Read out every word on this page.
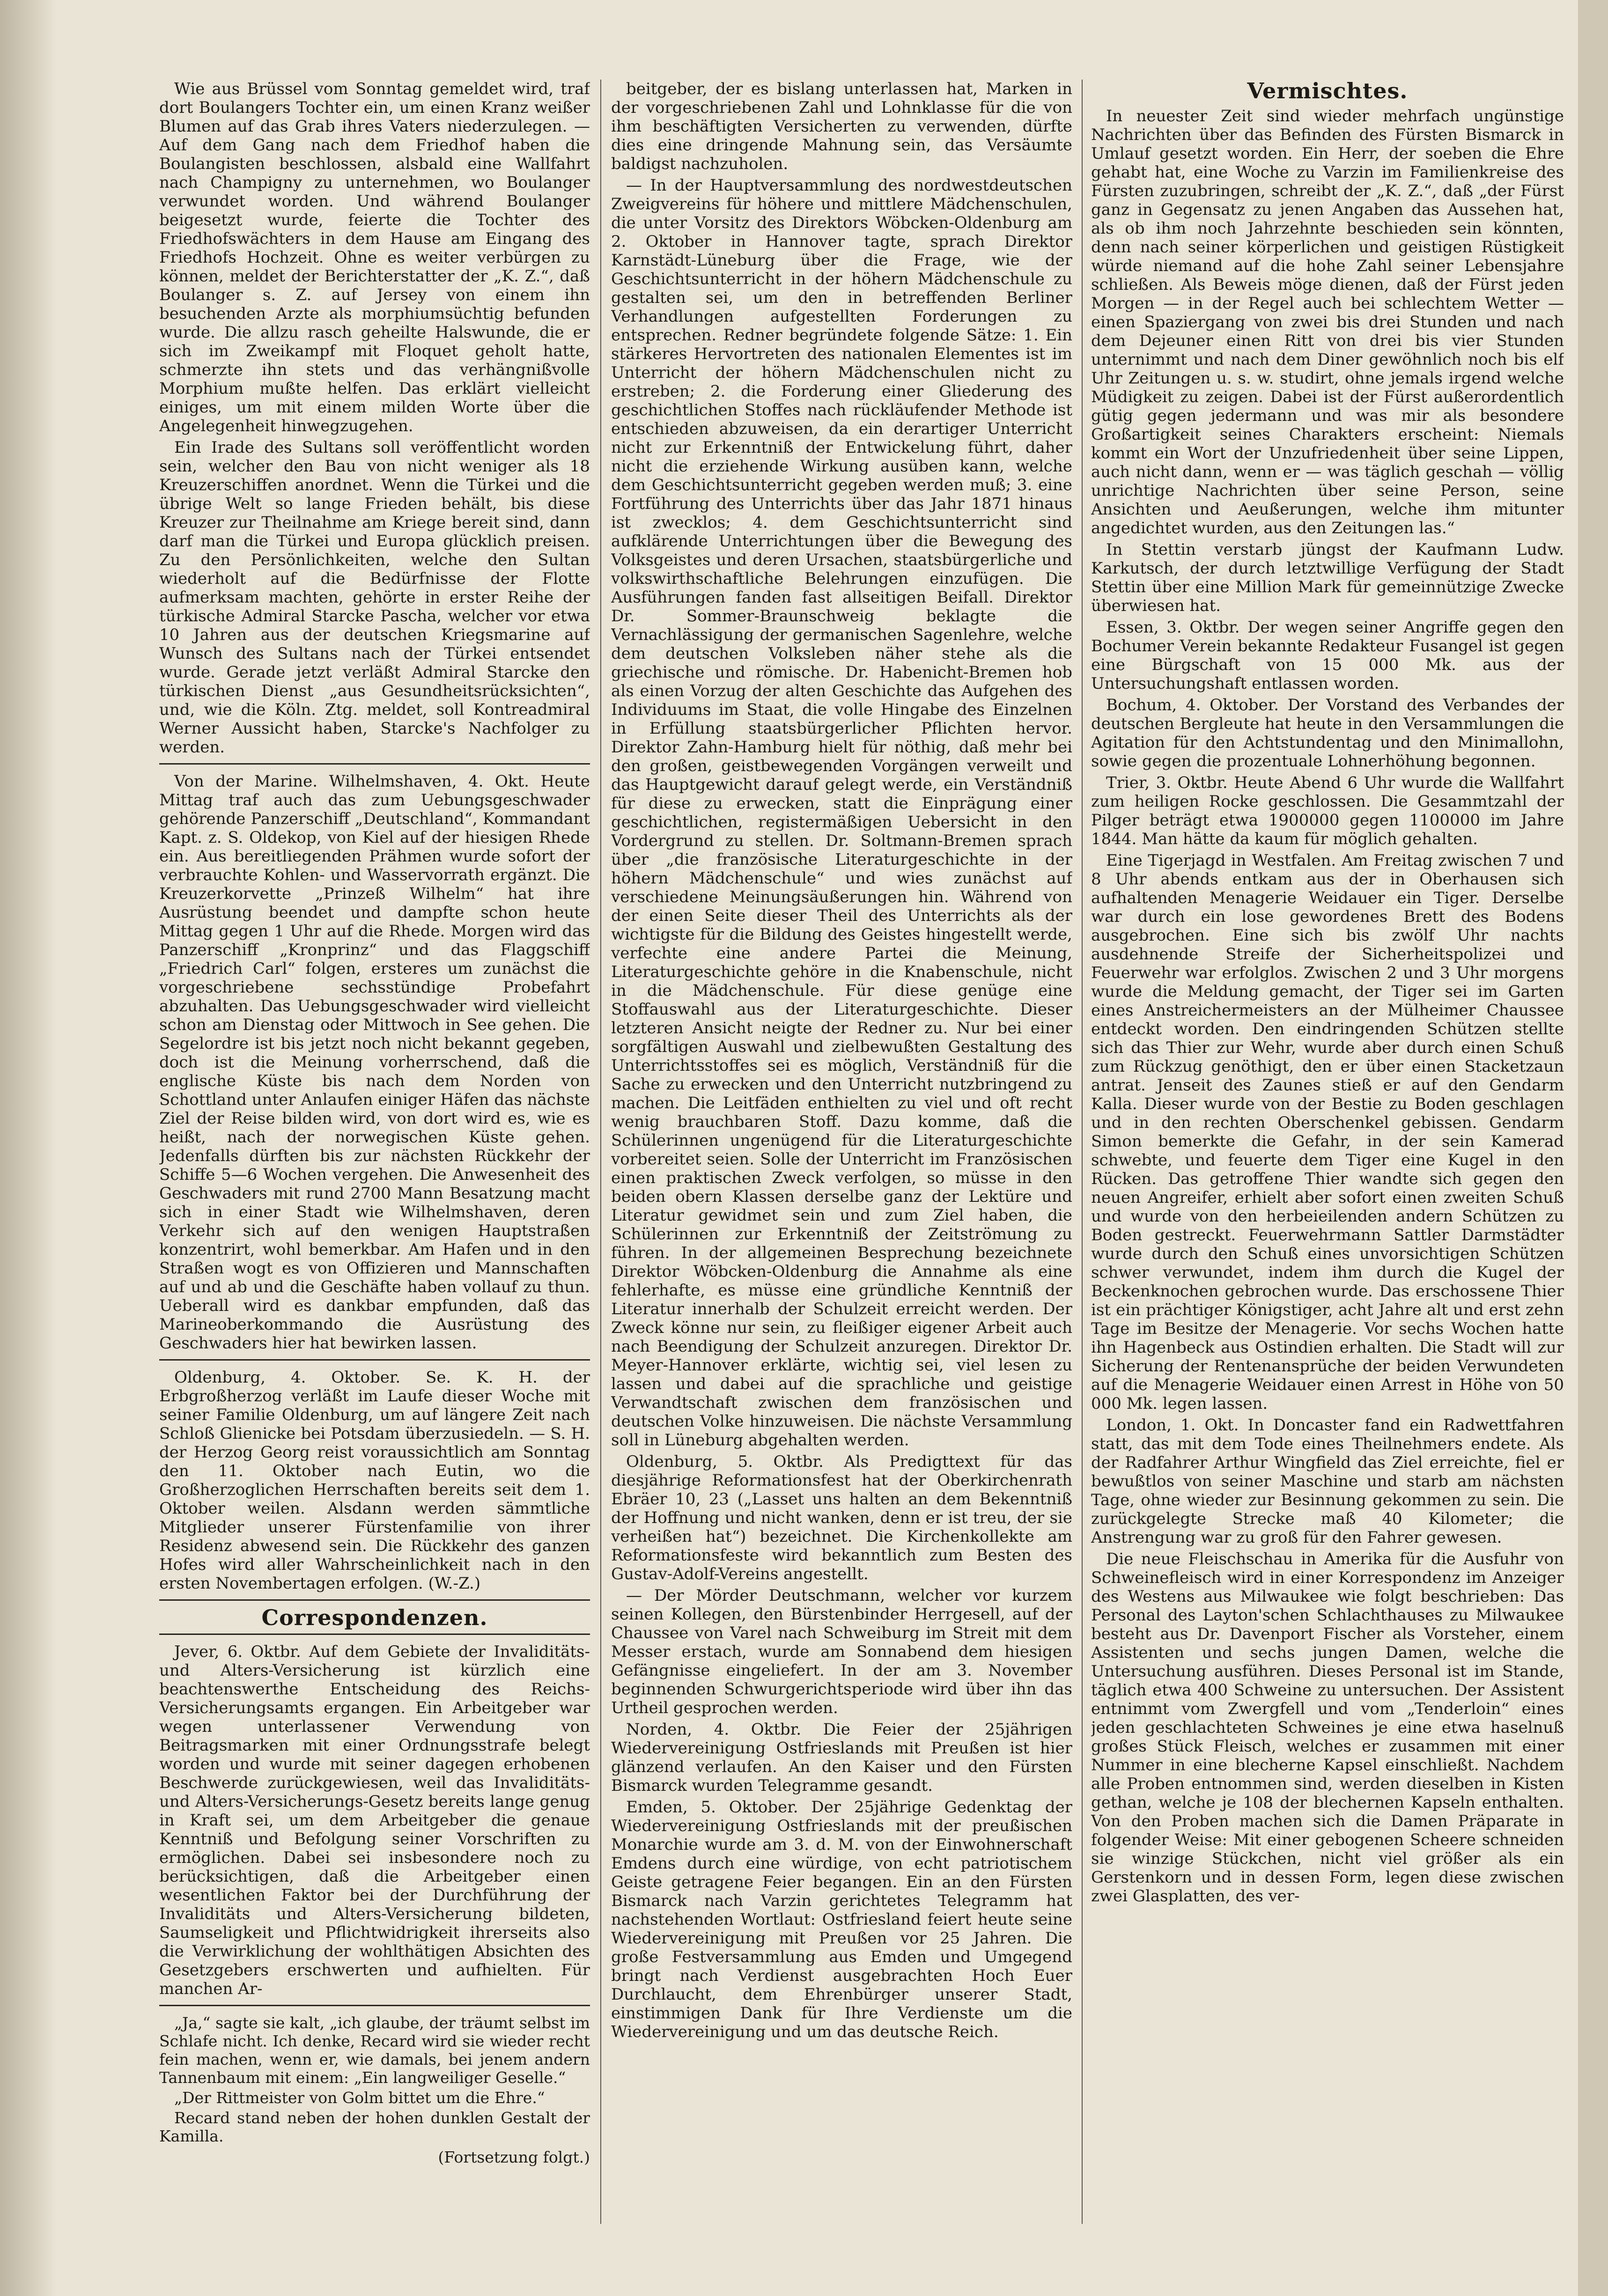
Wie aus Brüssel vom Sonntag gemeldet wird, traf dort Boulangers Tochter ein, um einen Kranz weißer Blumen auf das Grab ihres Vaters niederzulegen. — Auf dem Gang nach dem Friedhof haben die Boulangisten beschlossen, alsbald eine Wallfahrt nach Champigny zu unternehmen, wo Boulanger verwundet worden. Und während Boulanger beigesetzt wurde, feierte die Tochter des Friedhofswächters in dem Hause am Eingang des Friedhofs Hochzeit. Ohne es weiter verbürgen zu können, meldet der Berichterstatter der „K. Z.“, daß Boulanger s. Z. auf Jersey von einem ihn besuchenden Arzte als morphiumsüchtig befunden wurde. Die allzu rasch geheilte Halswunde, die er sich im Zweikampf mit Floquet geholt hatte, schmerzte ihn stets und das verhängnißvolle Morphium mußte helfen. Das erklärt vielleicht einiges, um mit einem milden Worte über die Angelegenheit hinwegzugehen.

Ein Irade des Sultans soll veröffentlicht worden sein, welcher den Bau von nicht weniger als 18 Kreuzerschiffen anordnet. Wenn die Türkei und die übrige Welt so lange Frieden behält, bis diese Kreuzer zur Theilnahme am Kriege bereit sind, dann darf man die Türkei und Europa glücklich preisen. Zu den Persönlichkeiten, welche den Sultan wiederholt auf die Bedürfnisse der Flotte aufmerksam machten, gehörte in erster Reihe der türkische Admiral Starcke Pascha, welcher vor etwa 10 Jahren aus der deutschen Kriegsmarine auf Wunsch des Sultans nach der Türkei entsendet wurde. Gerade jetzt verläßt Admiral Starcke den türkischen Dienst „aus Gesundheitsrücksichten“, und, wie die Köln. Ztg. meldet, soll Kontreadmiral Werner Aussicht haben, Starcke's Nachfolger zu werden.

Von der Marine. Wilhelmshaven, 4. Okt. Heute Mittag traf auch das zum Uebungsgeschwader gehörende Panzerschiff „Deutschland“, Kommandant Kapt. z. S. Oldekop, von Kiel auf der hiesigen Rhede ein. Aus bereitliegenden Prähmen wurde sofort der verbrauchte Kohlen- und Wasservorrath ergänzt. Die Kreuzerkorvette „Prinzeß Wilhelm“ hat ihre Ausrüstung beendet und dampfte schon heute Mittag gegen 1 Uhr auf die Rhede. Morgen wird das Panzerschiff „Kronprinz“ und das Flaggschiff „Friedrich Carl“ folgen, ersteres um zunächst die vorgeschriebene sechsstündige Probefahrt abzuhalten. Das Uebungsgeschwader wird vielleicht schon am Dienstag oder Mittwoch in See gehen. Die Segelordre ist bis jetzt noch nicht bekannt gegeben, doch ist die Meinung vorherrschend, daß die englische Küste bis nach dem Norden von Schottland unter Anlaufen einiger Häfen das nächste Ziel der Reise bilden wird, von dort wird es, wie es heißt, nach der norwegischen Küste gehen. Jedenfalls dürften bis zur nächsten Rückkehr der Schiffe 5—6 Wochen vergehen. Die Anwesenheit des Geschwaders mit rund 2700 Mann Besatzung macht sich in einer Stadt wie Wilhelmshaven, deren Verkehr sich auf den wenigen Hauptstraßen konzentrirt, wohl bemerkbar. Am Hafen und in den Straßen wogt es von Offizieren und Mannschaften auf und ab und die Geschäfte haben vollauf zu thun. Ueberall wird es dankbar empfunden, daß das Marineoberkommando die Ausrüstung des Geschwaders hier hat bewirken lassen.

Oldenburg, 4. Oktober. Se. K. H. der Erbgroßherzog verläßt im Laufe dieser Woche mit seiner Familie Oldenburg, um auf längere Zeit nach Schloß Glienicke bei Potsdam überzusiedeln. — S. H. der Herzog Georg reist voraussichtlich am Sonntag den 11. Oktober nach Eutin, wo die Großherzoglichen Herrschaften bereits seit dem 1. Oktober weilen. Alsdann werden sämmtliche Mitglieder unserer Fürstenfamilie von ihrer Residenz abwesend sein. Die Rückkehr des ganzen Hofes wird aller Wahrscheinlichkeit nach in den ersten Novembertagen erfolgen. (W.-Z.)

Correspondenzen.

Jever, 6. Oktbr. Auf dem Gebiete der Invaliditäts- und Alters-Versicherung ist kürzlich eine beachtenswerthe Entscheidung des Reichs-Versicherungsamts ergangen. Ein Arbeitgeber war wegen unterlassener Verwendung von Beitragsmarken mit einer Ordnungsstrafe belegt worden und wurde mit seiner dagegen erhobenen Beschwerde zurückgewiesen, weil das Invaliditäts- und Alters-Versicherungs-Gesetz bereits lange genug in Kraft sei, um dem Arbeitgeber die genaue Kenntniß und Befolgung seiner Vorschriften zu ermöglichen. Dabei sei insbesondere noch zu berücksichtigen, daß die Arbeitgeber einen wesentlichen Faktor bei der Durchführung der Invaliditäts und Alters-Versicherung bildeten, Saumseligkeit und Pflichtwidrigkeit ihrerseits also die Verwirklichung der wohlthätigen Absichten des Gesetzgebers erschwerten und aufhielten. Für manchen Ar-

„Ja,“ sagte sie kalt, „ich glaube, der träumt selbst im Schlafe nicht. Ich denke, Recard wird sie wieder recht fein machen, wenn er, wie damals, bei jenem andern Tannenbaum mit einem: „Ein langweiliger Geselle.“

„Der Rittmeister von Golm bittet um die Ehre.“

Recard stand neben der hohen dunklen Gestalt der Kamilla.

(Fortsetzung folgt.)

beitgeber, der es bislang unterlassen hat, Marken in der vorgeschriebenen Zahl und Lohnklasse für die von ihm beschäftigten Versicherten zu verwenden, dürfte dies eine dringende Mahnung sein, das Versäumte baldigst nachzuholen.

— In der Hauptversammlung des nordwestdeutschen Zweigvereins für höhere und mittlere Mädchenschulen, die unter Vorsitz des Direktors Wöbcken-Oldenburg am 2. Oktober in Hannover tagte, sprach Direktor Karnstädt-Lüneburg über die Frage, wie der Geschichtsunterricht in der höhern Mädchenschule zu gestalten sei, um den in betreffenden Berliner Verhandlungen aufgestellten Forderungen zu entsprechen. Redner begründete folgende Sätze: 1. Ein stärkeres Hervortreten des nationalen Elementes ist im Unterricht der höhern Mädchenschulen nicht zu erstreben; 2. die Forderung einer Gliederung des geschichtlichen Stoffes nach rückläufender Methode ist entschieden abzuweisen, da ein derartiger Unterricht nicht zur Erkenntniß der Entwickelung führt, daher nicht die erziehende Wirkung ausüben kann, welche dem Geschichtsunterricht gegeben werden muß; 3. eine Fortführung des Unterrichts über das Jahr 1871 hinaus ist zwecklos; 4. dem Geschichtsunterricht sind aufklärende Unterrichtungen über die Bewegung des Volksgeistes und deren Ursachen, staatsbürgerliche und volkswirthschaftliche Belehrungen einzufügen. Die Ausführungen fanden fast allseitigen Beifall. Direktor Dr. Sommer-Braunschweig beklagte die Vernachlässigung der germanischen Sagenlehre, welche dem deutschen Volksleben näher stehe als die griechische und römische. Dr. Habenicht-Bremen hob als einen Vorzug der alten Geschichte das Aufgehen des Individuums im Staat, die volle Hingabe des Einzelnen in Erfüllung staatsbürgerlicher Pflichten hervor. Direktor Zahn-Hamburg hielt für nöthig, daß mehr bei den großen, geistbewegenden Vorgängen verweilt und das Hauptgewicht darauf gelegt werde, ein Verständniß für diese zu erwecken, statt die Einprägung einer geschichtlichen, registermäßigen Uebersicht in den Vordergrund zu stellen. Dr. Soltmann-Bremen sprach über „die französische Literaturgeschichte in der höhern Mädchenschule“ und wies zunächst auf verschiedene Meinungsäußerungen hin. Während von der einen Seite dieser Theil des Unterrichts als der wichtigste für die Bildung des Geistes hingestellt werde, verfechte eine andere Partei die Meinung, Literaturgeschichte gehöre in die Knabenschule, nicht in die Mädchenschule. Für diese genüge eine Stoffauswahl aus der Literaturgeschichte. Dieser letzteren Ansicht neigte der Redner zu. Nur bei einer sorgfältigen Auswahl und zielbewußten Gestaltung des Unterrichtsstoffes sei es möglich, Verständniß für die Sache zu erwecken und den Unterricht nutzbringend zu machen. Die Leitfäden enthielten zu viel und oft recht wenig brauchbaren Stoff. Dazu komme, daß die Schülerinnen ungenügend für die Literaturgeschichte vorbereitet seien. Solle der Unterricht im Französischen einen praktischen Zweck verfolgen, so müsse in den beiden obern Klassen derselbe ganz der Lektüre und Literatur gewidmet sein und zum Ziel haben, die Schülerinnen zur Erkenntniß der Zeitströmung zu führen. In der allgemeinen Besprechung bezeichnete Direktor Wöbcken-Oldenburg die Annahme als eine fehlerhafte, es müsse eine gründliche Kenntniß der Literatur innerhalb der Schulzeit erreicht werden. Der Zweck könne nur sein, zu fleißiger eigener Arbeit auch nach Beendigung der Schulzeit anzuregen. Direktor Dr. Meyer-Hannover erklärte, wichtig sei, viel lesen zu lassen und dabei auf die sprachliche und geistige Verwandtschaft zwischen dem französischen und deutschen Volke hinzuweisen. Die nächste Versammlung soll in Lüneburg abgehalten werden.

Oldenburg, 5. Oktbr. Als Predigttext für das diesjährige Reformationsfest hat der Oberkirchenrath Ebräer 10, 23 („Lasset uns halten an dem Bekenntniß der Hoffnung und nicht wanken, denn er ist treu, der sie verheißen hat“) bezeichnet. Die Kirchenkollekte am Reformationsfeste wird bekanntlich zum Besten des Gustav-Adolf-Vereins angestellt.

— Der Mörder Deutschmann, welcher vor kurzem seinen Kollegen, den Bürstenbinder Herrgesell, auf der Chaussee von Varel nach Schweiburg im Streit mit dem Messer erstach, wurde am Sonnabend dem hiesigen Gefängnisse eingeliefert. In der am 3. November beginnenden Schwurgerichtsperiode wird über ihn das Urtheil gesprochen werden.

Norden, 4. Oktbr. Die Feier der 25jährigen Wiedervereinigung Ostfrieslands mit Preußen ist hier glänzend verlaufen. An den Kaiser und den Fürsten Bismarck wurden Telegramme gesandt.

Emden, 5. Oktober. Der 25jährige Gedenktag der Wiedervereinigung Ostfrieslands mit der preußischen Monarchie wurde am 3. d. M. von der Einwohnerschaft Emdens durch eine würdige, von echt patriotischem Geiste getragene Feier begangen. Ein an den Fürsten Bismarck nach Varzin gerichtetes Telegramm hat nachstehenden Wortlaut: Ostfriesland feiert heute seine Wiedervereinigung mit Preußen vor 25 Jahren. Die große Festversammlung aus Emden und Umgegend bringt nach Verdienst ausgebrachten Hoch Euer Durchlaucht, dem Ehrenbürger unserer Stadt, einstimmigen Dank für Ihre Verdienste um die Wiedervereinigung und um das deutsche Reich.

Vermischtes.

In neuester Zeit sind wieder mehrfach ungünstige Nachrichten über das Befinden des Fürsten Bismarck in Umlauf gesetzt worden. Ein Herr, der soeben die Ehre gehabt hat, eine Woche zu Varzin im Familienkreise des Fürsten zuzubringen, schreibt der „K. Z.“, daß „der Fürst ganz in Gegensatz zu jenen Angaben das Aussehen hat, als ob ihm noch Jahrzehnte beschieden sein könnten, denn nach seiner körperlichen und geistigen Rüstigkeit würde niemand auf die hohe Zahl seiner Lebensjahre schließen. Als Beweis möge dienen, daß der Fürst jeden Morgen — in der Regel auch bei schlechtem Wetter — einen Spaziergang von zwei bis drei Stunden und nach dem Dejeuner einen Ritt von drei bis vier Stunden unternimmt und nach dem Diner gewöhnlich noch bis elf Uhr Zeitungen u. s. w. studirt, ohne jemals irgend welche Müdigkeit zu zeigen. Dabei ist der Fürst außerordentlich gütig gegen jedermann und was mir als besondere Großartigkeit seines Charakters erscheint: Niemals kommt ein Wort der Unzufriedenheit über seine Lippen, auch nicht dann, wenn er — was täglich geschah — völlig unrichtige Nachrichten über seine Person, seine Ansichten und Aeußerungen, welche ihm mitunter angedichtet wurden, aus den Zeitungen las.“

In Stettin verstarb jüngst der Kaufmann Ludw. Karkutsch, der durch letztwillige Verfügung der Stadt Stettin über eine Million Mark für gemeinnützige Zwecke überwiesen hat.

Essen, 3. Oktbr. Der wegen seiner Angriffe gegen den Bochumer Verein bekannte Redakteur Fusangel ist gegen eine Bürgschaft von 15 000 Mk. aus der Untersuchungshaft entlassen worden.

Bochum, 4. Oktober. Der Vorstand des Verbandes der deutschen Bergleute hat heute in den Versammlungen die Agitation für den Achtstundentag und den Minimallohn, sowie gegen die prozentuale Lohnerhöhung begonnen.

Trier, 3. Oktbr. Heute Abend 6 Uhr wurde die Wallfahrt zum heiligen Rocke geschlossen. Die Gesammtzahl der Pilger beträgt etwa 1900000 gegen 1100000 im Jahre 1844. Man hätte da kaum für möglich gehalten.

Eine Tigerjagd in Westfalen. Am Freitag zwischen 7 und 8 Uhr abends entkam aus der in Oberhausen sich aufhaltenden Menagerie Weidauer ein Tiger. Derselbe war durch ein lose gewordenes Brett des Bodens ausgebrochen. Eine sich bis zwölf Uhr nachts ausdehnende Streife der Sicherheitspolizei und Feuerwehr war erfolglos. Zwischen 2 und 3 Uhr morgens wurde die Meldung gemacht, der Tiger sei im Garten eines Anstreichermeisters an der Mülheimer Chaussee entdeckt worden. Den eindringenden Schützen stellte sich das Thier zur Wehr, wurde aber durch einen Schuß zum Rückzug genöthigt, den er über einen Stacketzaun antrat. Jenseit des Zaunes stieß er auf den Gendarm Kalla. Dieser wurde von der Bestie zu Boden geschlagen und in den rechten Oberschenkel gebissen. Gendarm Simon bemerkte die Gefahr, in der sein Kamerad schwebte, und feuerte dem Tiger eine Kugel in den Rücken. Das getroffene Thier wandte sich gegen den neuen Angreifer, erhielt aber sofort einen zweiten Schuß und wurde von den herbeieilenden andern Schützen zu Boden gestreckt. Feuerwehrmann Sattler Darmstädter wurde durch den Schuß eines unvorsichtigen Schützen schwer verwundet, indem ihm durch die Kugel der Beckenknochen gebrochen wurde. Das erschossene Thier ist ein prächtiger Königstiger, acht Jahre alt und erst zehn Tage im Besitze der Menagerie. Vor sechs Wochen hatte ihn Hagenbeck aus Ostindien erhalten. Die Stadt will zur Sicherung der Rentenansprüche der beiden Verwundeten auf die Menagerie Weidauer einen Arrest in Höhe von 50 000 Mk. legen lassen.

London, 1. Okt. In Doncaster fand ein Radwettfahren statt, das mit dem Tode eines Theilnehmers endete. Als der Radfahrer Arthur Wingfield das Ziel erreichte, fiel er bewußtlos von seiner Maschine und starb am nächsten Tage, ohne wieder zur Besinnung gekommen zu sein. Die zurückgelegte Strecke maß 40 Kilometer; die Anstrengung war zu groß für den Fahrer gewesen.

Die neue Fleischschau in Amerika für die Ausfuhr von Schweinefleisch wird in einer Korrespondenz im Anzeiger des Westens aus Milwaukee wie folgt beschrieben: Das Personal des Layton'schen Schlachthauses zu Milwaukee besteht aus Dr. Davenport Fischer als Vorsteher, einem Assistenten und sechs jungen Damen, welche die Untersuchung ausführen. Dieses Personal ist im Stande, täglich etwa 400 Schweine zu untersuchen. Der Assistent entnimmt vom Zwergfell und vom „Tenderloin“ eines jeden geschlachteten Schweines je eine etwa haselnuß großes Stück Fleisch, welches er zusammen mit einer Nummer in eine blecherne Kapsel einschließt. Nachdem alle Proben entnommen sind, werden dieselben in Kisten gethan, welche je 108 der blechernen Kapseln enthalten. Von den Proben machen sich die Damen Präparate in folgender Weise: Mit einer gebogenen Scheere schneiden sie winzige Stückchen, nicht viel größer als ein Gerstenkorn und in dessen Form, legen diese zwischen zwei Glasplatten, des ver-
